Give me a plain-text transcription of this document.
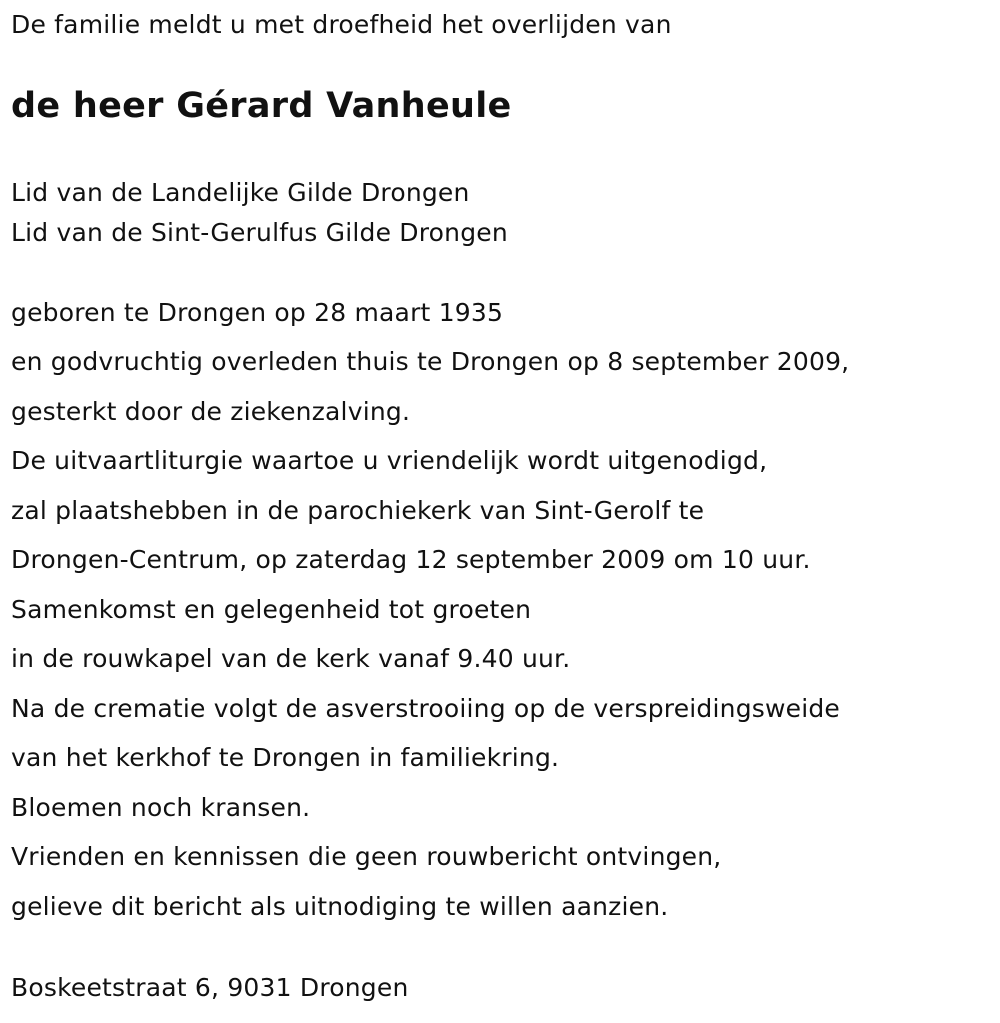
De familie meldt u met droefheid het overlijden van
de heer Gérard Vanheule
Lid van de Landelijke Gilde Drongen
Lid van de Sint-Gerulfus Gilde Drongen
geboren te Drongen op 28 maart 1935
en godvruchtig overleden thuis te Drongen op 8 september 2009,
gesterkt door de ziekenzalving.
De uitvaartliturgie waartoe u vriendelijk wordt uitgenodigd,
zal plaatshebben in de parochiekerk van Sint-Gerolf te
Drongen-Centrum, op zaterdag 12 september 2009 om 10 uur.
Samenkomst en gelegenheid tot groeten
in de rouwkapel van de kerk vanaf 9.40 uur.
Na de crematie volgt de asverstrooiing op de verspreidingsweide
van het kerkhof te Drongen in familiekring.
Bloemen noch kransen.
Vrienden en kennissen die geen rouwbericht ontvingen,
gelieve dit bericht als uitnodiging te willen aanzien.
Boskeetstraat 6, 9031 Drongen
